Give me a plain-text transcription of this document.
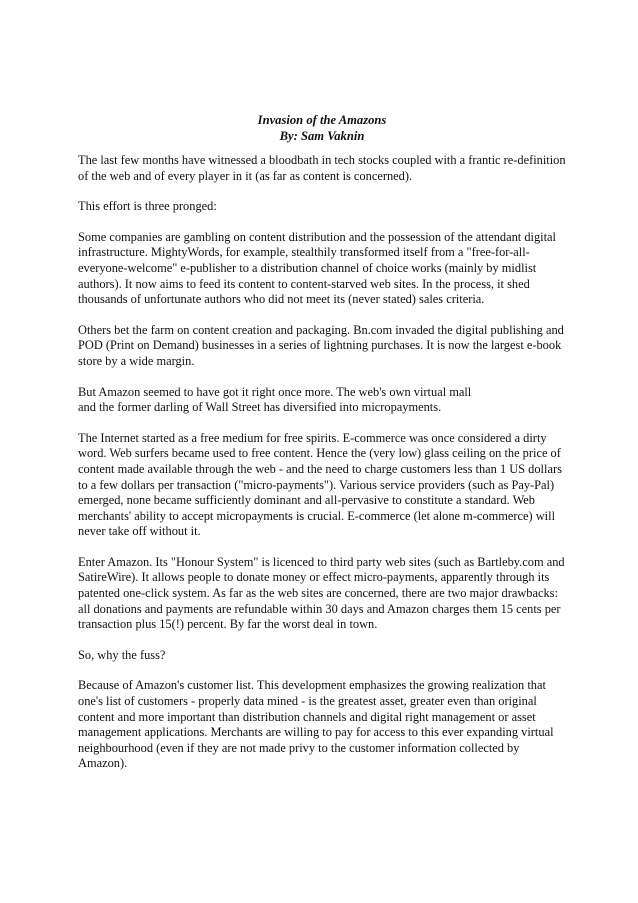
Invasion of the Amazons
By: Sam Vaknin

The last few months have witnessed a bloodbath in tech stocks coupled with a frantic re-definition of the web and of every player in it (as far as content is concerned).

This effort is three pronged:

Some companies are gambling on content distribution and the possession of the attendant digital infrastructure. MightyWords, for example, stealthily transformed itself from a "free-for-all-everyone-welcome" e-publisher to a distribution channel of choice works (mainly by midlist authors). It now aims to feed its content to content-starved web sites. In the process, it shed thousands of unfortunate authors who did not meet its (never stated) sales criteria.

Others bet the farm on content creation and packaging. Bn.com invaded the digital publishing and POD (Print on Demand) businesses in a series of lightning purchases. It is now the largest e-book store by a wide margin.

But Amazon seemed to have got it right once more. The web's own virtual mall
and the former darling of Wall Street has diversified into micropayments.

The Internet started as a free medium for free spirits. E-commerce was once considered a dirty word. Web surfers became used to free content. Hence the (very low) glass ceiling on the price of content made available through the web - and the need to charge customers less than 1 US dollars to a few dollars per transaction ("micro-payments"). Various service providers (such as Pay-Pal) emerged, none became sufficiently dominant and all-pervasive to constitute a standard. Web merchants' ability to accept micropayments is crucial. E-commerce (let alone m-commerce) will never take off without it.

Enter Amazon. Its "Honour System" is licenced to third party web sites (such as Bartleby.com and SatireWire). It allows people to donate money or effect micro-payments, apparently through its patented one-click system. As far as the web sites are concerned, there are two major drawbacks: all donations and payments are refundable within 30 days and Amazon charges them 15 cents per transaction plus 15(!) percent. By far the worst deal in town.

So, why the fuss?

Because of Amazon's customer list. This development emphasizes the growing realization that one's list of customers - properly data mined - is the greatest asset, greater even than original content and more important than distribution channels and digital right management or asset management applications. Merchants are willing to pay for access to this ever expanding virtual neighbourhood (even if they are not made privy to the customer information collected by Amazon).
